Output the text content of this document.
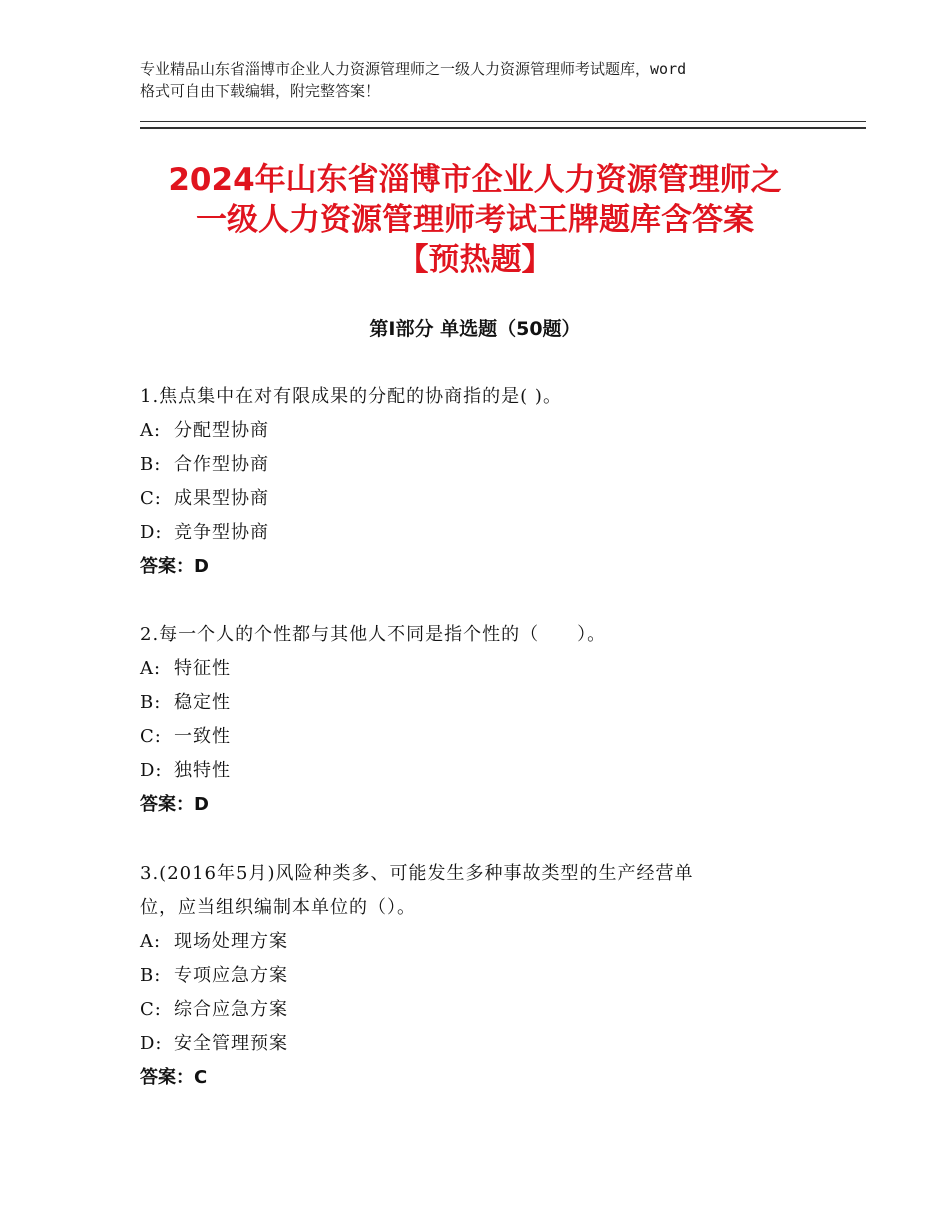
专业精品山东省淄博市企业人力资源管理师之一级人力资源管理师考试题库，word
格式可自由下载编辑，附完整答案！
2024年山东省淄博市企业人力资源管理师之
一级人力资源管理师考试王牌题库含答案
【预热题】
第Ⅰ部分 单选题（50题）
1.焦点集中在对有限成果的分配的协商指的是( )。
A: 分配型协商
B: 合作型协商
C: 成果型协商
D: 竞争型协商
答案：D
2.每一个人的个性都与其他人不同是指个性的（　　）。
A: 特征性
B: 稳定性
C: 一致性
D: 独特性
答案：D
3.(2016年5月)风险种类多、可能发生多种事故类型的生产经营单
位，应当组织编制本单位的（）。
A: 现场处理方案
B: 专项应急方案
C: 综合应急方案
D: 安全管理预案
答案：C
